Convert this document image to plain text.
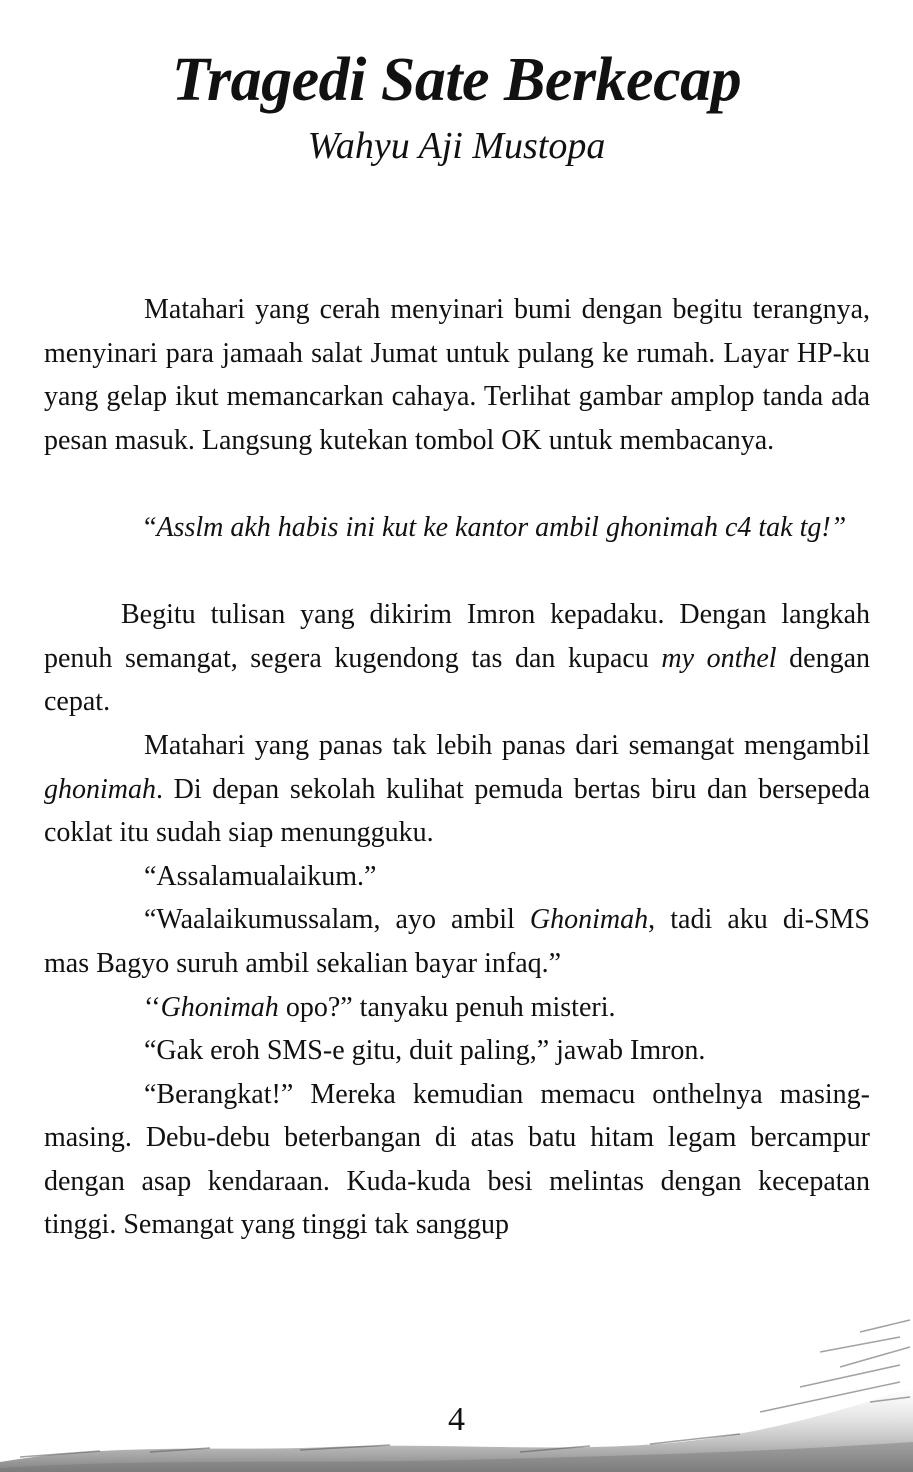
Tragedi Sate Berkecap
Wahyu Aji Mustopa

Matahari yang cerah menyinari bumi dengan begitu terangnya, menyinari para jamaah salat Jumat untuk pulang ke rumah. Layar HP-ku yang gelap ikut memancarkan cahaya. Terlihat gambar amplop tanda ada pesan masuk. Langsung kutekan tombol OK untuk membacanya.

“Asslm akh habis ini kut ke kantor ambil ghonimah c4 tak tg!”

Begitu tulisan yang dikirim Imron kepadaku. Dengan langkah penuh semangat, segera kugendong tas dan kupacu my onthel dengan cepat.

Matahari yang panas tak lebih panas dari semangat mengambil ghonimah. Di depan sekolah kulihat pemuda bertas biru dan bersepeda coklat itu sudah siap menungguku.

“Assalamualaikum.”

“Waalaikumussalam, ayo ambil Ghonimah, tadi aku di-SMS mas Bagyo suruh ambil sekalian bayar infaq.”

‘‘Ghonimah opo?” tanyaku penuh misteri.

“Gak eroh SMS-e gitu, duit paling,” jawab Imron.

“Berangkat!” Mereka kemudian memacu onthelnya masing-masing. Debu-debu beterbangan di atas batu hitam legam bercampur dengan asap kendaraan. Kuda-kuda besi melintas dengan kecepatan tinggi. Semangat yang tinggi tak sanggup

4
